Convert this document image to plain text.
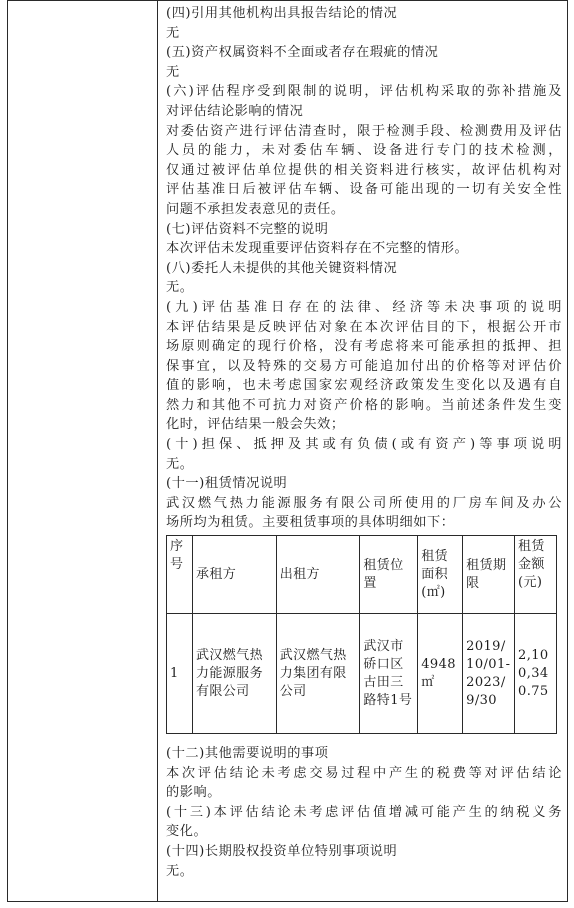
(四)引用其他机构出具报告结论的情况
无
(五)资产权属资料不全面或者存在瑕疵的情况
无
(六)评估程序受到限制的说明，评估机构采取的弥补措施及
对评估结论影响的情况
对委估资产进行评估清查时，限于检测手段、检测费用及评估
人员的能力，未对委估车辆、设备进行专门的技术检测，
仅通过被评估单位提供的相关资料进行核实，故评估机构对
评估基准日后被评估车辆、设备可能出现的一切有关安全性
问题不承担发表意见的责任。
(七)评估资料不完整的说明
本次评估未发现重要评估资料存在不完整的情形。
(八)委托人未提供的其他关键资料情况
无。
(九)评估基准日存在的法律、经济等未决事项的说明
本评估结果是反映评估对象在本次评估目的下，根据公开市
场原则确定的现行价格，没有考虑将来可能承担的抵押、担
保事宜，以及特殊的交易方可能追加付出的价格等对评估价
值的影响，也未考虑国家宏观经济政策发生变化以及遇有自
然力和其他不可抗力对资产价格的影响。当前述条件发生变
化时，评估结果一般会失效；
(十)担保、抵押及其或有负债(或有资产)等事项说明
无。
(十一)租赁情况说明
武汉燃气热力能源服务有限公司所使用的厂房车间及办公
场所均为租赁。主要租赁事项的具体明细如下：
序号	承租方	出租方	租赁位置	租赁面积(㎡)	租赁期限	租赁金额(元)
1	武汉燃气热力能源服务有限公司	武汉燃气热力集团有限公司	武汉市硚口区古田三路特1号	4948㎡	2019/10/01-2023/9/30	2,100,340.75
(十二)其他需要说明的事项
本次评估结论未考虑交易过程中产生的税费等对评估结论
的影响。
(十三)本评估结论未考虑评估值增减可能产生的纳税义务
变化。
(十四)长期股权投资单位特别事项说明
无。
